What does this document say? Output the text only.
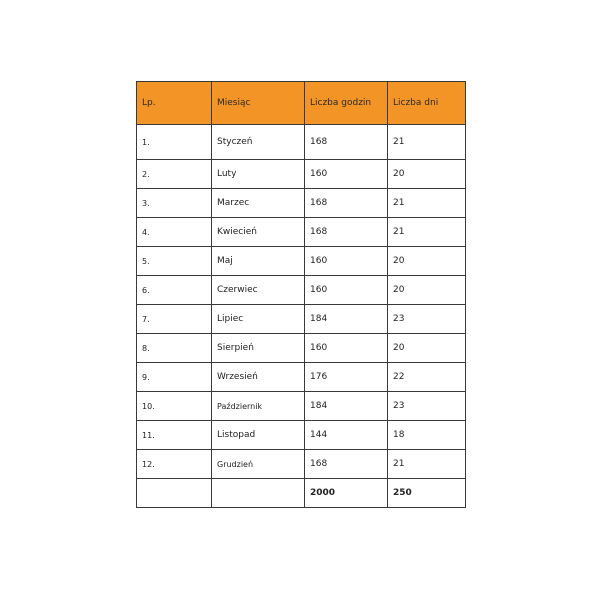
Lp.	Miesiąc	Liczba godzin	Liczba dni
1.	Styczeń	168	21
2.	Luty	160	20
3.	Marzec	168	21
4.	Kwiecień	168	21
5.	Maj	160	20
6.	Czerwiec	160	20
7.	Lipiec	184	23
8.	Sierpień	160	20
9.	Wrzesień	176	22
10.	Październik	184	23
11.	Listopad	144	18
12.	Grudzień	168	21
		2000	250
